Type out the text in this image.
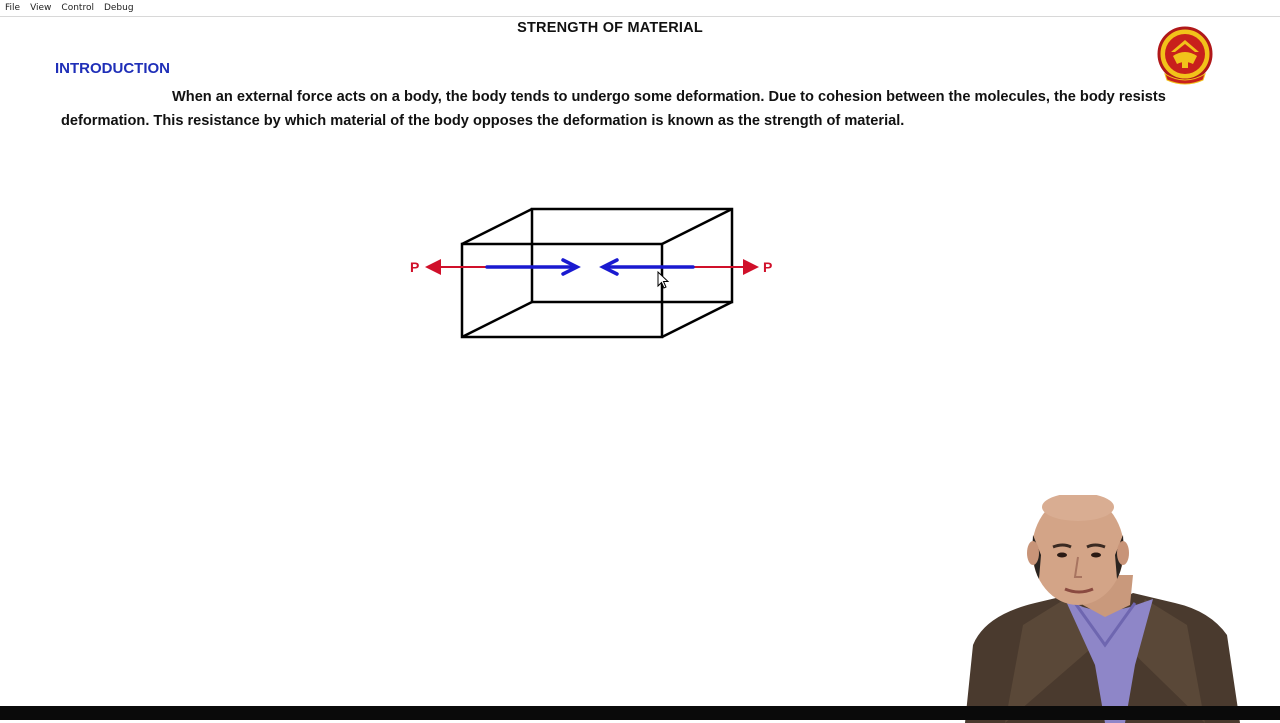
File	View	Control	Debug
STRENGTH OF MATERIAL
INTRODUCTION
When an external force acts on a body, the body tends to undergo some deformation. Due to cohesion between the molecules, the body resists deformation. This resistance by which material of the body opposes the deformation is known as the strength of material.
P	P
